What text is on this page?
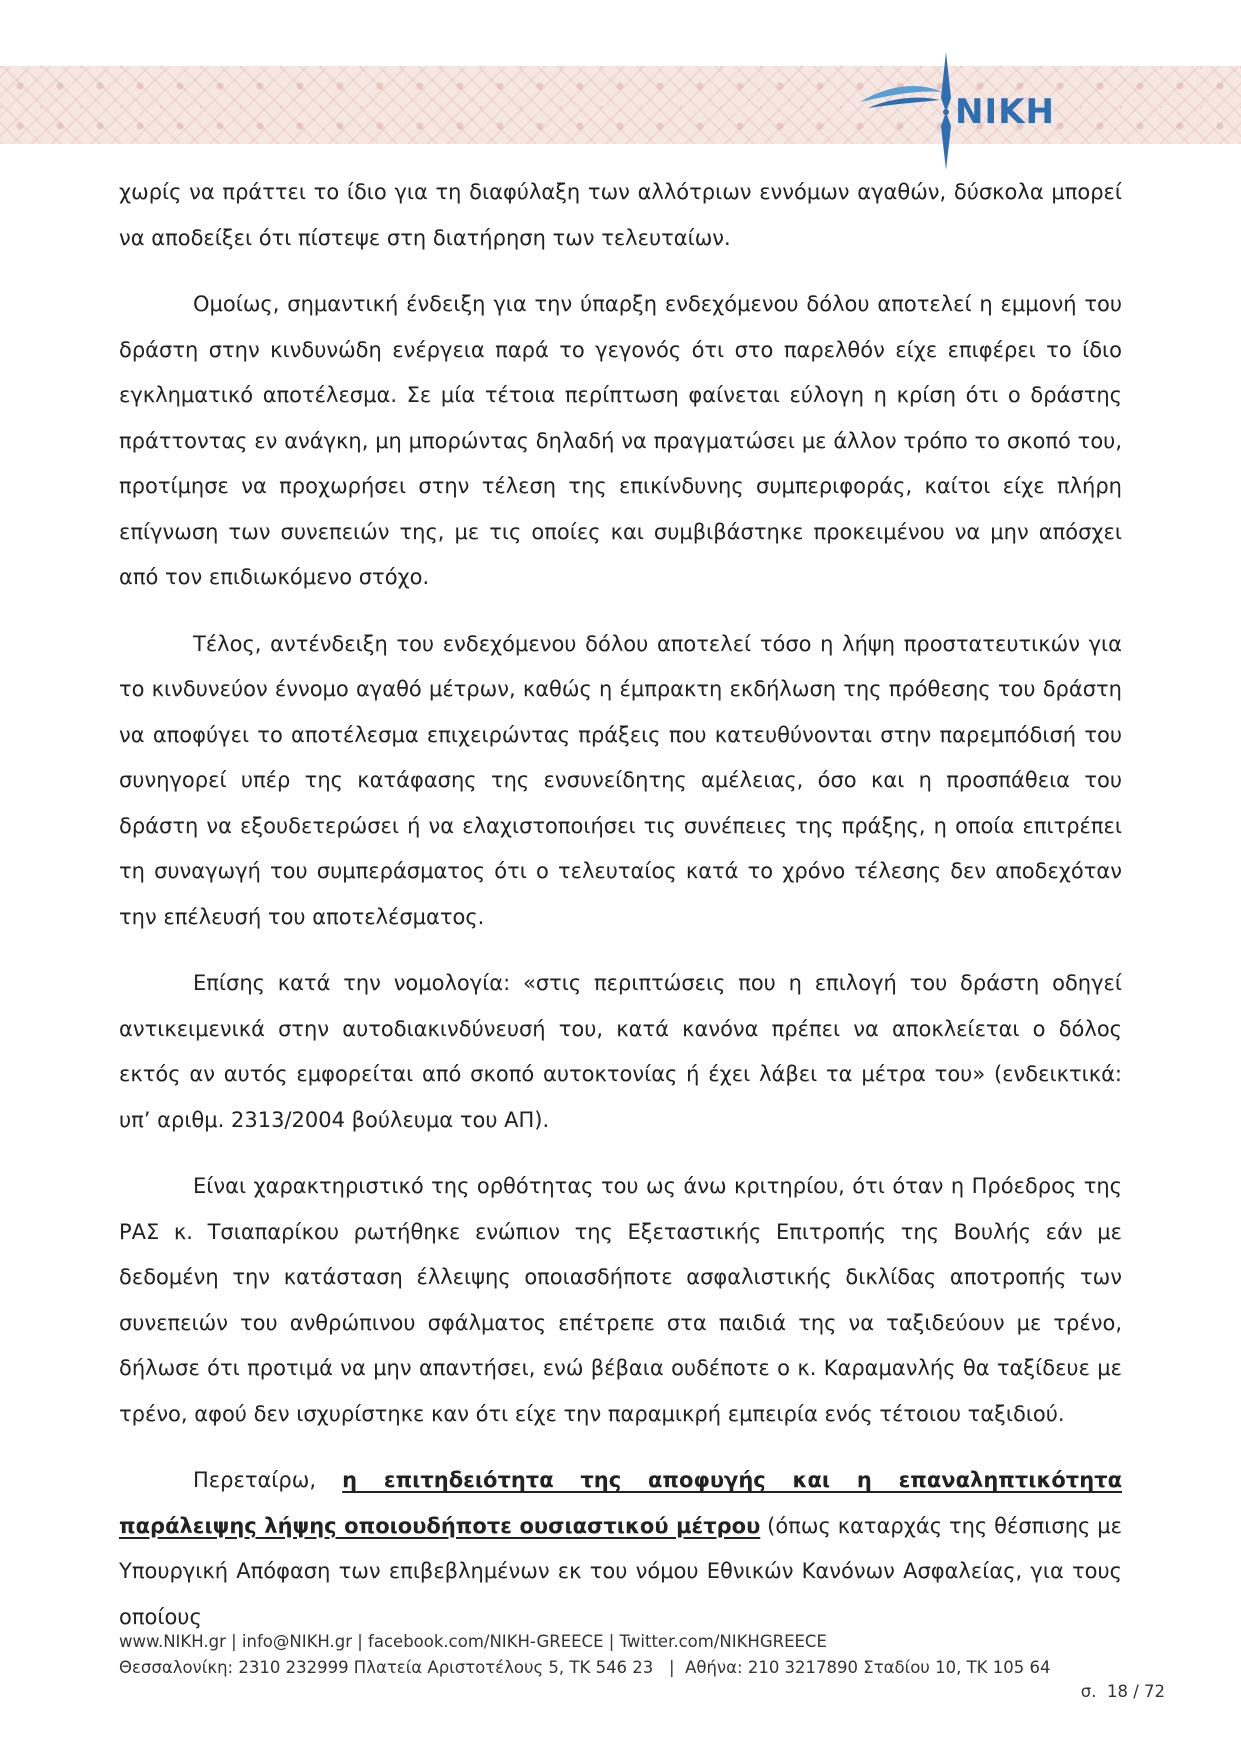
NIKH

χωρίς να πράττει το ίδιο για τη διαφύλαξη των αλλότριων εννόμων αγαθών, δύσκολα μπορεί να αποδείξει ότι πίστεψε στη διατήρηση των τελευταίων.

Ομοίως, σημαντική ένδειξη για την ύπαρξη ενδεχόμενου δόλου αποτελεί η εμμονή του δράστη στην κινδυνώδη ενέργεια παρά το γεγονός ότι στο παρελθόν είχε επιφέρει το ίδιο εγκληματικό αποτέλεσμα. Σε μία τέτοια περίπτωση φαίνεται εύλογη η κρίση ότι ο δράστης πράττοντας εν ανάγκη, μη μπορώντας δηλαδή να πραγματώσει με άλλον τρόπο το σκοπό του, προτίμησε να προχωρήσει στην τέλεση της επικίνδυνης συμπεριφοράς, καίτοι είχε πλήρη επίγνωση των συνεπειών της, με τις οποίες και συμβιβάστηκε προκειμένου να μην απόσχει από τον επιδιωκόμενο στόχο.

Τέλος, αντένδειξη του ενδεχόμενου δόλου αποτελεί τόσο η λήψη προστατευτικών για το κινδυνεύον έννομο αγαθό μέτρων, καθώς η έμπρακτη εκδήλωση της πρόθεσης του δράστη να αποφύγει το αποτέλεσμα επιχειρώντας πράξεις που κατευθύνονται στην παρεμπόδισή του συνηγορεί υπέρ της κατάφασης της ενσυνείδητης αμέλειας, όσο και η προσπάθεια του δράστη να εξουδετερώσει ή να ελαχιστοποιήσει τις συνέπειες της πράξης, η οποία επιτρέπει τη συναγωγή του συμπεράσματος ότι ο τελευταίος κατά το χρόνο τέλεσης δεν αποδεχόταν την επέλευσή του αποτελέσματος.

Επίσης κατά την νομολογία: «στις περιπτώσεις που η επιλογή του δράστη οδηγεί αντικειμενικά στην αυτοδιακινδύνευσή του, κατά κανόνα πρέπει να αποκλείεται ο δόλος εκτός αν αυτός εμφορείται από σκοπό αυτοκτονίας ή έχει λάβει τα μέτρα του» (ενδεικτικά: υπ’ αριθμ. 2313/2004 βούλευμα του ΑΠ).

Είναι χαρακτηριστικό της ορθότητας του ως άνω κριτηρίου, ότι όταν η Πρόεδρος της ΡΑΣ κ. Τσιαπαρίκου ρωτήθηκε ενώπιον της Εξεταστικής Επιτροπής της Βουλής εάν με δεδομένη την κατάσταση έλλειψης οποιασδήποτε ασφαλιστικής δικλίδας αποτροπής των συνεπειών του ανθρώπινου σφάλματος επέτρεπε στα παιδιά της να ταξιδεύουν με τρένο, δήλωσε ότι προτιμά να μην απαντήσει, ενώ βέβαια ουδέποτε ο κ. Καραμανλής θα ταξίδευε με τρένο, αφού δεν ισχυρίστηκε καν ότι είχε την παραμικρή εμπειρία ενός τέτοιου ταξιδιού.

Περεταίρω, η επιτηδειότητα της αποφυγής και η επαναληπτικότητα παράλειψης λήψης οποιουδήποτε ουσιαστικού μέτρου (όπως καταρχάς της θέσπισης με Υπουργική Απόφαση των επιβεβλημένων εκ του νόμου Εθνικών Κανόνων Ασφαλείας, για τους οποίους

www.NIKH.gr | info@NIKH.gr | facebook.com/NIKH-GREECE | Twitter.com/NIKHGREECE
Θεσσαλονίκη: 2310 232999 Πλατεία Αριστοτέλους 5, ΤΚ 546 23   |  Αθήνα: 210 3217890 Σταδίου 10, ΤΚ 105 64
σ.  18 / 72
